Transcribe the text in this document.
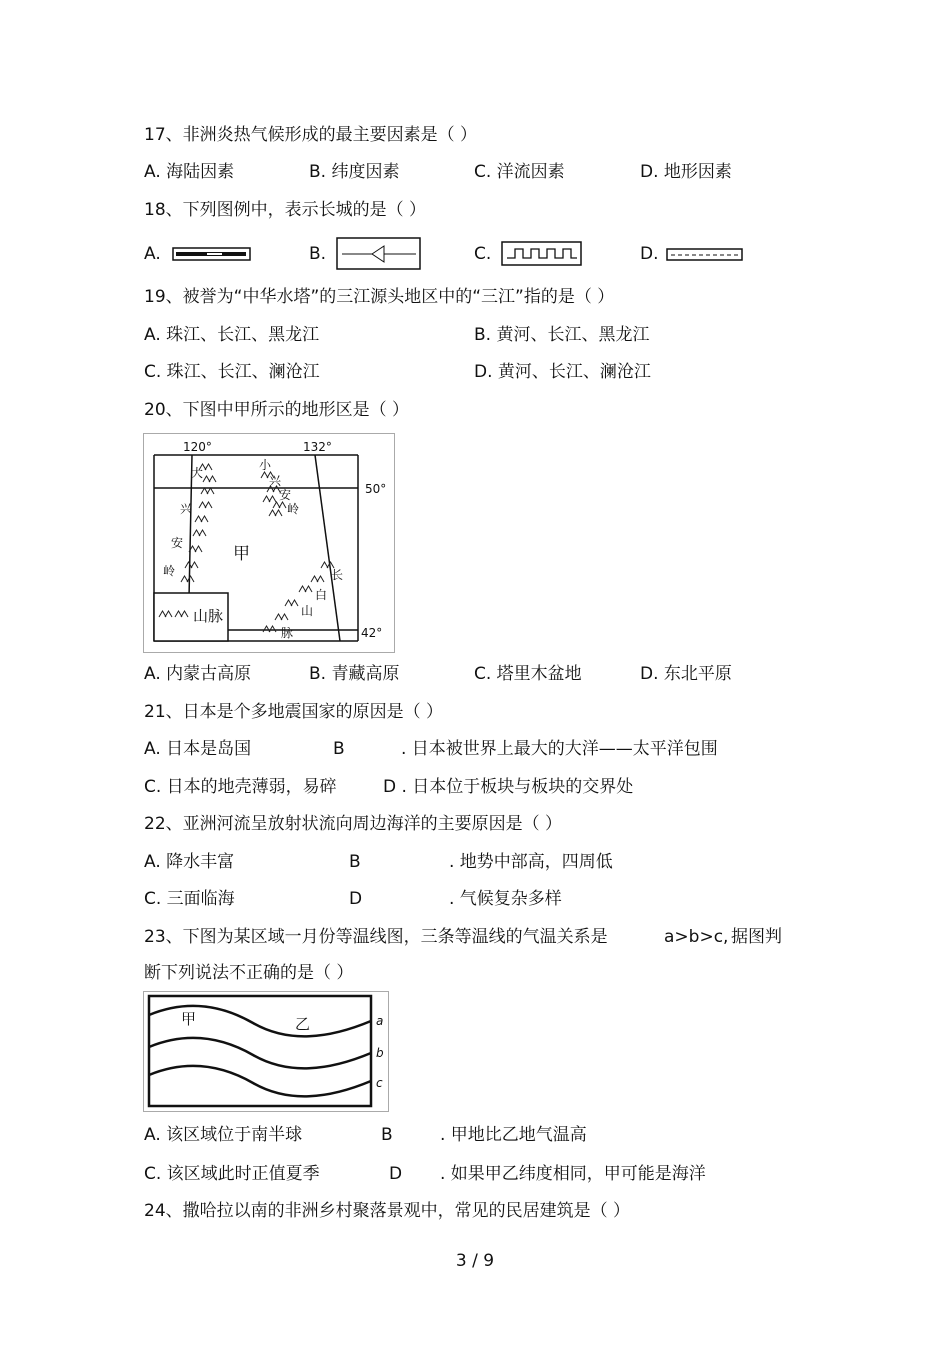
17、非洲炎热气候形成的最主要因素是（ ）
A. 海陆因素	B. 纬度因素	C. 洋流因素	D. 地形因素
18、下列图例中，表示长城的是（ ）
A.	B.	C.	D.
19、被誉为“中华水塔”的三江源头地区中的“三江”指的是（ ）
A. 珠江、长江、黑龙江	B. 黄河、长江、黑龙江
C. 珠江、长江、澜沧江	D. 黄河、长江、澜沧江
20、下图中甲所示的地形区是（ ）
山脉
120°	132°
50°
42°
甲
大
兴
安
岭
小
兴
安
岭
长
白
山
脉
A. 内蒙古高原	B. 青藏高原	C. 塔里木盆地	D. 东北平原
21、日本是个多地震国家的原因是（ ）
A. 日本是岛国	B	. 日本被世界上最大的大洋——太平洋包围
C. 日本的地壳薄弱，易碎	D . 日本位于板块与板块的交界处
22、亚洲河流呈放射状流向周边海洋的主要原因是（ ）
A. 降水丰富	B	. 地势中部高，四周低
C. 三面临海	D	. 气候复杂多样
23、下图为某区域一月份等温线图，三条等温线的气温关系是	a>b>c, 据图判
断下列说法不正确的是（ ）
甲	乙	a
b
c
A. 该区域位于南半球	B	. 甲地比乙地气温高
C. 该区域此时正值夏季	D . 如果甲乙纬度相同，甲可能是海洋
24、撒哈拉以南的非洲乡村聚落景观中，常见的民居建筑是（ ）
3 / 9
